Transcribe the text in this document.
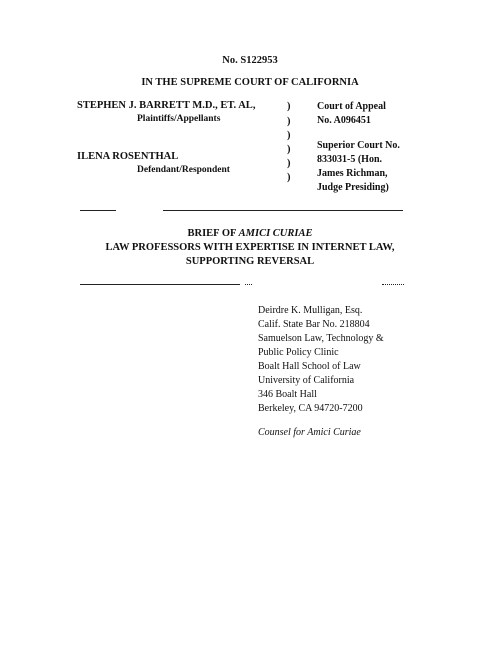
No. S122953
IN THE SUPREME COURT OF CALIFORNIA
STEPHEN J. BARRETT M.D., ET. AL,
Plaintiffs/Appellants
ILENA ROSENTHAL
Defendant/Respondent
)
)
)
)
)
)
Court of Appeal
No. A096451
Superior Court No.
833031-5 (Hon.
James Richman,
Judge Presiding)
BRIEF OF AMICI CURIAE
LAW PROFESSORS WITH EXPERTISE IN INTERNET LAW,
SUPPORTING REVERSAL
Deirdre K. Mulligan, Esq.
Calif. State Bar No. 218804
Samuelson Law, Technology &
Public Policy Clinic
Boalt Hall School of Law
University of California
346 Boalt Hall
Berkeley, CA 94720-7200
Counsel for Amici Curiae
